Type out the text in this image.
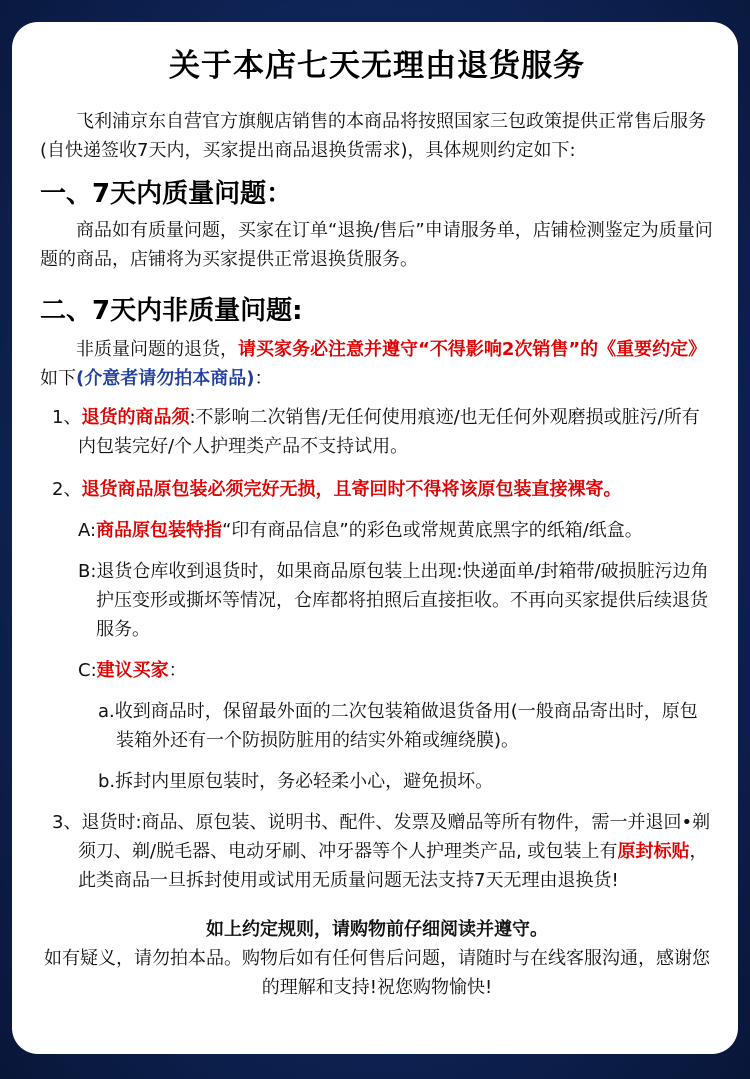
关于本店七天无理由退货服务

飞利浦京东自营官方旗舰店销售的本商品将按照国家三包政策提供正常售后服务(自快递签收7天内，买家提出商品退换货需求)，具体规则约定如下:

一、7天内质量问题：

商品如有质量问题，买家在订单“退换/售后”申请服务单，店铺检测鉴定为质量问题的商品，店铺将为买家提供正常退换货服务。

二、7天内非质量问题:

非质量问题的退货，请买家务必注意并遵守“不得影响2次销售”的《重要约定》如下(介意者请勿拍本商品)：

1、退货的商品须:不影响二次销售/无任何使用痕迹/也无任何外观磨损或脏污/所有内包装完好/个人护理类产品不支持试用。

2、退货商品原包装必须完好无损，且寄回时不得将该原包装直接裸寄。

A:商品原包装特指“印有商品信息”的彩色或常规黄底黑字的纸箱/纸盒。

B:退货仓库收到退货时，如果商品原包装上出现:快递面单/封箱带/破损脏污边角护压变形或撕坏等情况，仓库都将拍照后直接拒收。不再向买家提供后续退货服务。

C:建议买家：

a.收到商品时，保留最外面的二次包装箱做退货备用(一般商品寄出时，原包装箱外还有一个防损防脏用的结实外箱或缠绕膜)。

b.拆封内里原包装时，务必轻柔小心，避免损坏。

3、退货时:商品、原包装、说明书、配件、发票及赠品等所有物件，需一并退回•剃须刀、剃/脱毛器、电动牙刷、冲牙器等个人护理类产品, 或包装上有原封标贴，此类商品一旦拆封使用或试用无质量问题无法支持7天无理由退换货!

如上约定规则，请购物前仔细阅读并遵守。

如有疑义，请勿拍本品。购物后如有任何售后问题，请随时与在线客服沟通，感谢您的理解和支持!祝您购物愉快!
